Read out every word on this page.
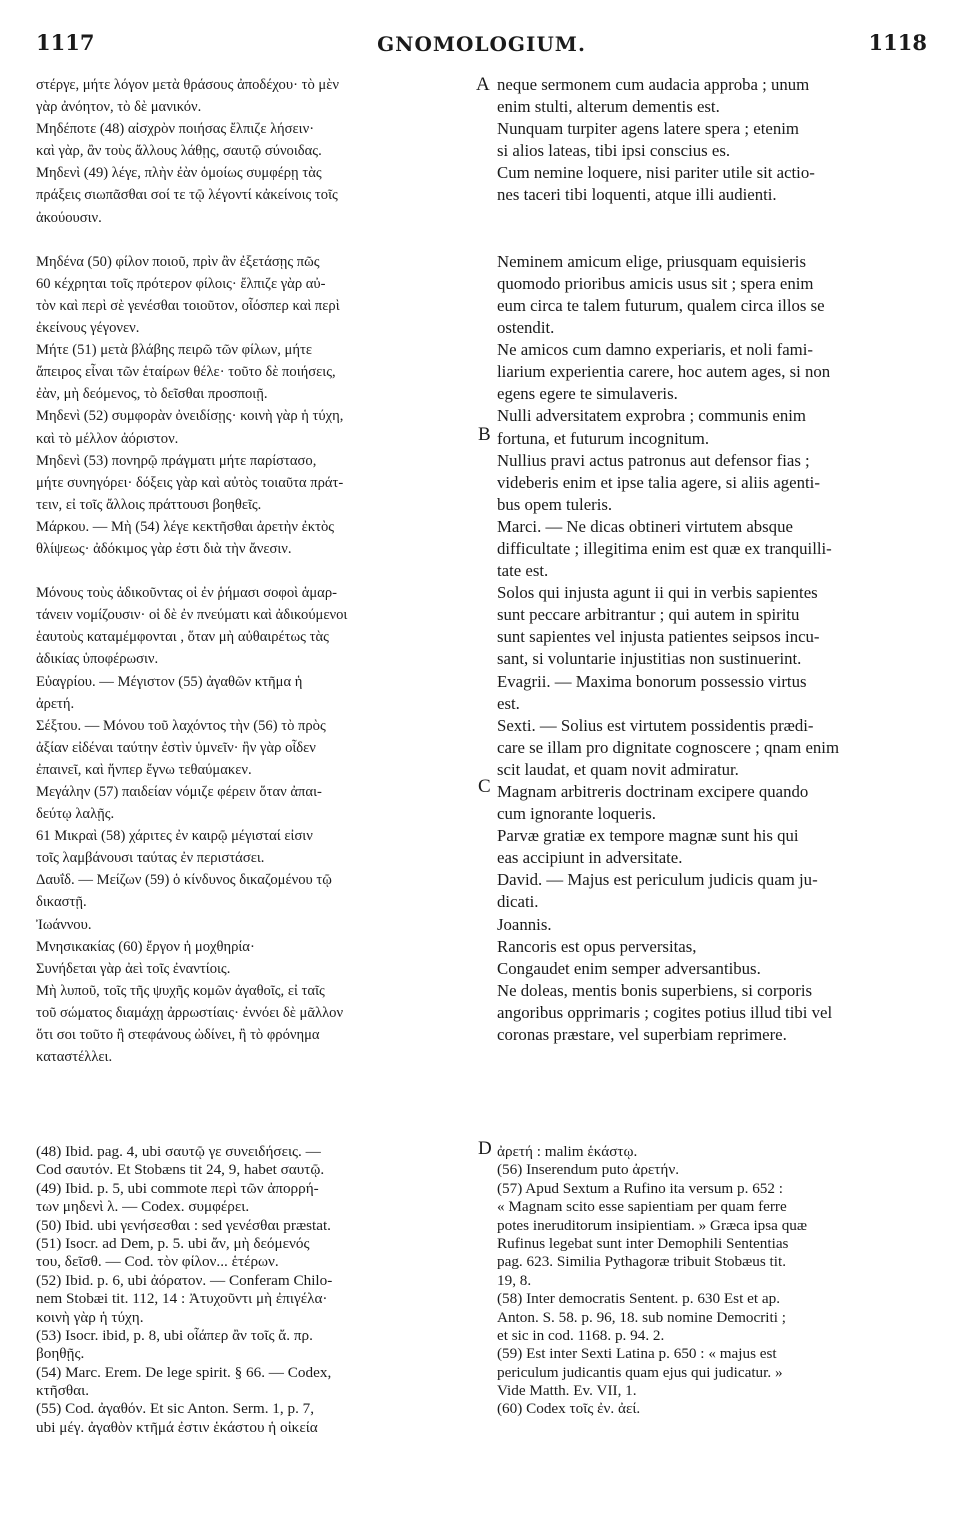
1117	GNOMOLOGIUM.	1118
A
B
C
D
στέργε, μήτε λόγον μετὰ θράσους ἀποδέχου· τὸ μὲν
γὰρ ἀνόητον, τὸ δὲ μανικόν.
Μηδέποτε (48) αἰσχρὸν ποιήσας ἔλπιζε λήσειν·
καὶ γὰρ, ἂν τοὺς ἄλλους λάθῃς, σαυτῷ σύνοιδας.
Μηδενὶ (49) λέγε, πλὴν ἐὰν ὁμοίως συμφέρῃ τὰς
πράξεις σιωπᾶσθαι σοί τε τῷ λέγοντί κἀκείνοις τοῖς
ἀκούουσιν.
Μηδένα (50) φίλον ποιοῦ, πρὶν ἂν ἐξετάσῃς πῶς
60 κέχρηται τοῖς πρότερον φίλοις· ἔλπιζε γὰρ αὐ-
τὸν καὶ περὶ σὲ γενέσθαι τοιοῦτον, οἷόσπερ καὶ περὶ
ἐκείνους γέγονεν.
Μήτε (51) μετὰ βλάβης πειρῶ τῶν φίλων, μήτε
ἄπειρος εἶναι τῶν ἑταίρων θέλε· τοῦτο δὲ ποιήσεις,
ἐὰν, μὴ δεόμενος, τὸ δεῖσθαι προσποιῇ.
Μηδενὶ (52) συμφορὰν ὀνειδίσῃς· κοινὴ γὰρ ἡ τύχη,
καὶ τὸ μέλλον ἀόριστον.
Μηδενὶ (53) πονηρῷ πράγματι μήτε παρίστασο,
μήτε συνηγόρει· δόξεις γὰρ καὶ αὐτὸς τοιαῦτα πράτ-
τειν, εἰ τοῖς ἄλλοις πράττουσι βοηθεῖς.
Μάρκου. — Μὴ (54) λέγε κεκτῆσθαι ἀρετὴν ἐκτὸς
θλίψεως· ἀδόκιμος γὰρ ἐστι διὰ τὴν ἄνεσιν.
Μόνους τοὺς ἀδικοῦντας οἱ ἐν ῥήμασι σοφοὶ ἁμαρ-
τάνειν νομίζουσιν· οἱ δὲ ἐν πνεύματι καὶ ἀδικούμενοι
ἑαυτοὺς καταμέμφονται , ὅταν μὴ αὐθαιρέτως τὰς
ἀδικίας ὑποφέρωσιν.
Εὐαγρίου. — Μέγιστον (55) ἀγαθῶν κτῆμα ἡ
ἀρετή.
Σέξτου. — Μόνου τοῦ λαχόντος τὴν (56) τὸ πρὸς
ἀξίαν εἰδέναι ταύτην ἐστὶν ὑμνεῖν· ἣν γὰρ οἶδεν
ἐπαινεῖ, καὶ ἥνπερ ἔγνω τεθαύμακεν.
Μεγάλην (57) παιδείαν νόμιζε φέρειν ὅταν ἀπαι-
δεύτῳ λαλῇς.
61 Μικραὶ (58) χάριτες ἐν καιρῷ μέγισταί εἰσιν
τοῖς λαμβάνουσι ταύτας ἐν περιστάσει.
Δαυΐδ. — Μείζων (59) ὁ κίνδυνος δικαζομένου τῷ
δικαστῇ.
Ἰωάννου.
Μνησικακίας (60) ἔργον ἡ μοχθηρία·
Συνήδεται γὰρ ἀεὶ τοῖς ἐναντίοις.
Μὴ λυποῦ, τοῖς τῆς ψυχῆς κομῶν ἀγαθοῖς, εἰ ταῖς
τοῦ σώματος διαμάχῃ ἀρρωστίαις· ἐννόει δὲ μᾶλλον
ὅτι σοι τοῦτο ἢ στεφάνους ὠδίνει, ἢ τὸ φρόνημα
καταστέλλει.
neque sermonem cum audacia approba ; unum
enim stulti, alterum dementis est.
Nunquam turpiter agens latere spera ; etenim
si alios lateas, tibi ipsi conscius es.
Cum nemine loquere, nisi pariter utile sit actio-
nes taceri tibi loquenti, atque illi audienti.
Neminem amicum elige, priusquam equisieris
quomodo prioribus amicis usus sit ; spera enim
eum circa te talem futurum, qualem circa illos se
ostendit.
Ne amicos cum damno experiaris, et noli fami-
liarium experientia carere, hoc autem ages, si non
egens egere te simulaveris.
Nulli adversitatem exprobra ; communis enim
fortuna, et futurum incognitum.
Nullius pravi actus patronus aut defensor fias ;
videberis enim et ipse talia agere, si aliis agenti-
bus opem tuleris.
Marci. — Ne dicas obtineri virtutem absque
difficultate ; illegitima enim est quæ ex tranquilli-
tate est.
Solos qui injusta agunt ii qui in verbis sapientes
sunt peccare arbitrantur ; qui autem in spiritu
sunt sapientes vel injusta patientes seipsos incu-
sant, si voluntarie injustitias non sustinuerint.
Evagrii. — Maxima bonorum possessio virtus
est.
Sexti. — Solius est virtutem possidentis prædi-
care se illam pro dignitate cognoscere ; qnam enim
scit laudat, et quam novit admiratur.
Magnam arbitreris doctrinam excipere quando
cum ignorante loqueris.
Parvæ gratiæ ex tempore magnæ sunt his qui
eas accipiunt in adversitate.
David. — Majus est periculum judicis quam ju-
dicati.
Joannis.
Rancoris est opus perversitas,
Congaudet enim semper adversantibus.
Ne doleas, mentis bonis superbiens, si corporis
angoribus opprimaris ; cogites potius illud tibi vel
coronas præstare, vel superbiam reprimere.
(48) Ibid. pag. 4, ubi σαυτῷ γε συνειδήσεις. —
Cod σαυτόν. Et Stobæns tit 24, 9, habet σαυτῷ.
(49) Ibid. p. 5, ubi commote περὶ τῶν ἀπορρή-
των μηδενὶ λ. — Codex. συμφέρει.
(50) Ibid. ubi γενήσεσθαι : sed γενέσθαι præstat.
(51) Isocr. ad Dem, p. 5. ubi ἄν, μὴ δεόμενός
του, δεῖσθ. — Cod. τὸν φίλον... ἑτέρων.
(52) Ibid. p. 6, ubi ἀόρατον. — Conferam Chilo-
nem Stobæi tit. 112, 14 : Ἀτυχοῦντι μὴ ἐπιγέλα·
κοινὴ γὰρ ἡ τύχη.
(53) Isocr. ibid, p. 8, ubi οἷάπερ ἂν τοῖς ἄ. πρ.
βοηθῇς.
(54) Marc. Erem. De lege spirit. § 66. — Codex,
κτῆσθαι.
(55) Cod. ἀγαθόν. Et sic Anton. Serm. 1, p. 7,
ubi μέγ. ἀγαθὸν κτῆμά ἐστιν ἑκάστου ἡ οἰκεία
ἀρετή : malim ἑκάστῳ.
(56) Inserendum puto ἀρετήν.
(57) Apud Sextum a Rufino ita versum p. 652 :
« Magnam scito esse sapientiam per quam ferre
potes ineruditorum insipientiam. » Græca ipsa quæ
Rufinus legebat sunt inter Demophili Sententias
pag. 623. Similia Pythagoræ tribuit Stobæus tit.
19, 8.
(58) Inter democratis Sentent. p. 630 Est et ap.
Anton. S. 58. p. 96, 18. sub nomine Democriti ;
et sic in cod. 1168. p. 94. 2.
(59) Est inter Sexti Latina p. 650 : « majus est
periculum judicantis quam ejus qui judicatur. »
Vide Matth. Ev. VII, 1.
(60) Codex τοῖς ἐν. ἀεί.
